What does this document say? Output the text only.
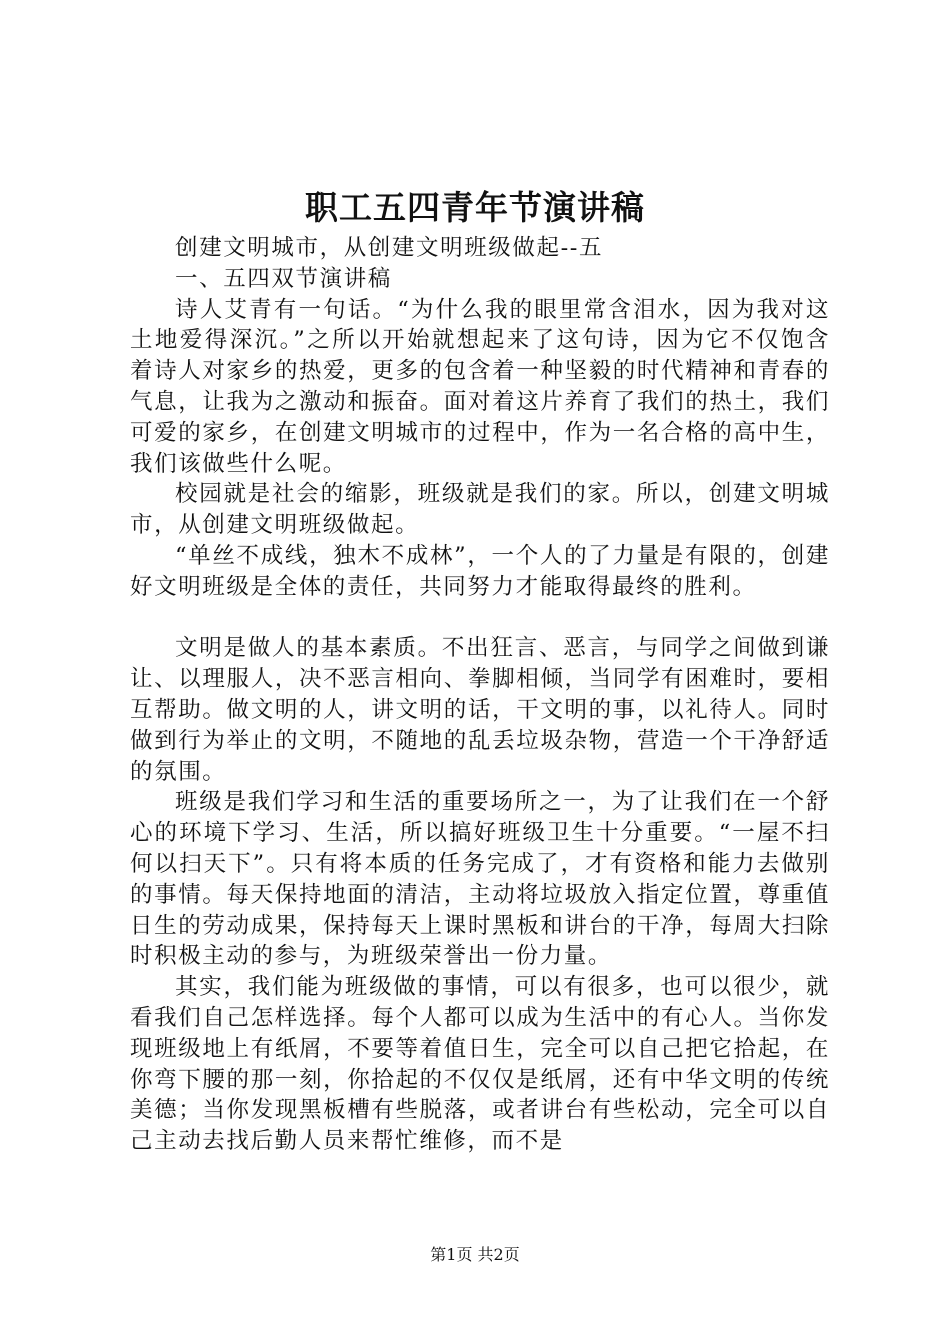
职工五四青年节演讲稿

创建文明城市，从创建文明班级做起--五

一、五四双节演讲稿

诗人艾青有一句话。“为什么我的眼里常含泪水，因为我对这土地爱得深沉。”之所以开始就想起来了这句诗，因为它不仅饱含着诗人对家乡的热爱，更多的包含着一种坚毅的时代精神和青春的气息，让我为之激动和振奋。面对着这片养育了我们的热土，我们可爱的家乡，在创建文明城市的过程中，作为一名合格的高中生，我们该做些什么呢。

校园就是社会的缩影，班级就是我们的家。所以，创建文明城市，从创建文明班级做起。

“单丝不成线，独木不成林”，一个人的了力量是有限的，创建好文明班级是全体的责任，共同努力才能取得最终的胜利。

文明是做人的基本素质。不出狂言、恶言，与同学之间做到谦让、以理服人，决不恶言相向、拳脚相倾，当同学有困难时，要相互帮助。做文明的人，讲文明的话，干文明的事，以礼待人。同时做到行为举止的文明，不随地的乱丢垃圾杂物，营造一个干净舒适的氛围。

班级是我们学习和生活的重要场所之一，为了让我们在一个舒心的环境下学习、生活，所以搞好班级卫生十分重要。“一屋不扫何以扫天下”。只有将本质的任务完成了，才有资格和能力去做别的事情。每天保持地面的清洁，主动将垃圾放入指定位置，尊重值日生的劳动成果，保持每天上课时黑板和讲台的干净，每周大扫除时积极主动的参与，为班级荣誉出一份力量。

其实，我们能为班级做的事情，可以有很多，也可以很少，就看我们自己怎样选择。每个人都可以成为生活中的有心人。当你发现班级地上有纸屑，不要等着值日生，完全可以自己把它拾起，在你弯下腰的那一刻，你拾起的不仅仅是纸屑，还有中华文明的传统美德；当你发现黑板槽有些脱落，或者讲台有些松动，完全可以自己主动去找后勤人员来帮忙维修，而不是

第1页 共2页
